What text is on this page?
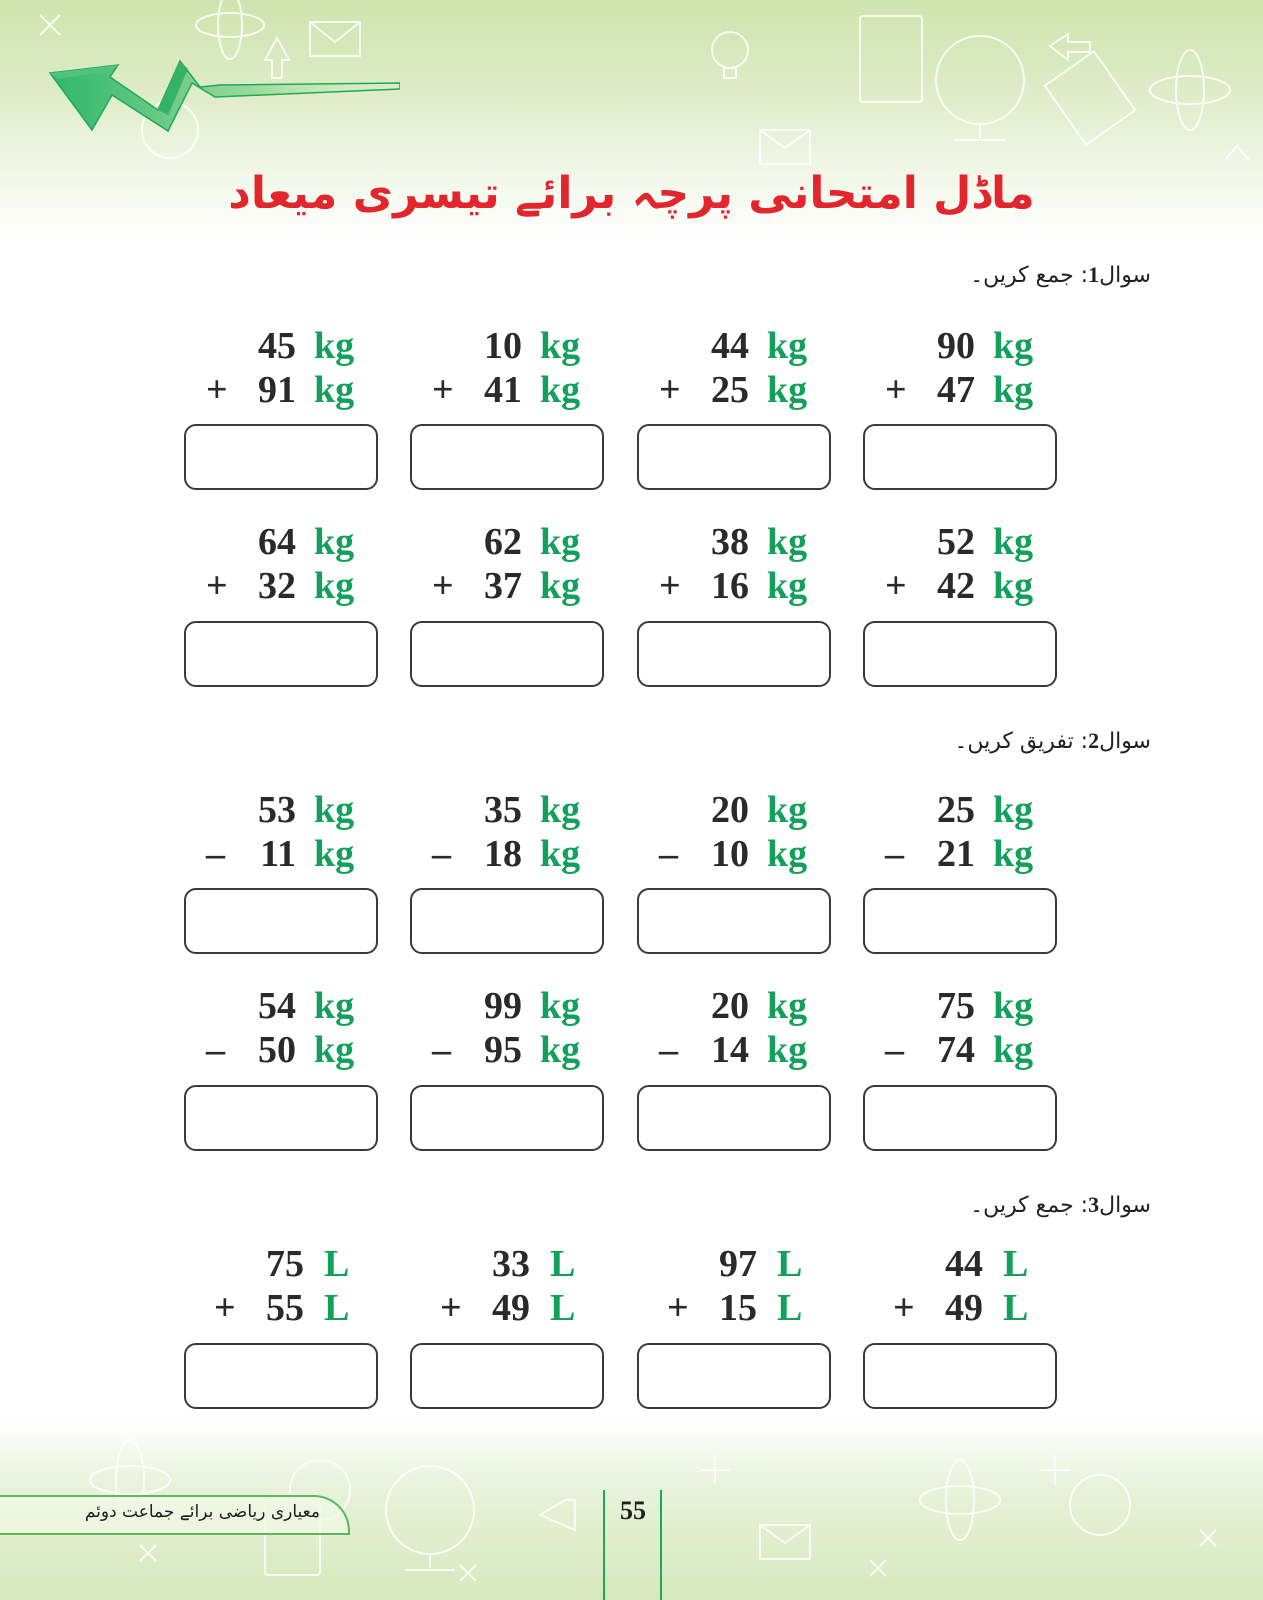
ماڈل امتحانی پرچہ برائے تیسری میعاد
سوال1: جمع کریں۔
45 kg
+ 91 kg
10 kg
+ 41 kg
44 kg
+ 25 kg
90 kg
+ 47 kg
64 kg
+ 32 kg
62 kg
+ 37 kg
38 kg
+ 16 kg
52 kg
+ 42 kg
سوال2: تفریق کریں۔
53 kg
– 11 kg
35 kg
– 18 kg
20 kg
– 10 kg
25 kg
– 21 kg
54 kg
– 50 kg
99 kg
– 95 kg
20 kg
– 14 kg
75 kg
– 74 kg
سوال3: جمع کریں۔
75 L
+ 55 L
33 L
+ 49 L
97 L
+ 15 L
44 L
+ 49 L
معیاری ریاضی برائے جماعت دوئم	55
